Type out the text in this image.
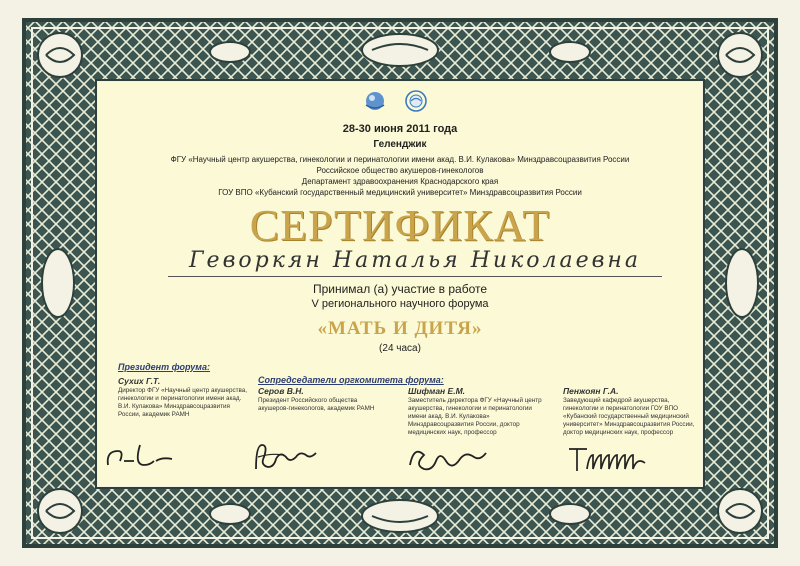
28-30 июня 2011 года
Геленджик
ФГУ «Научный центр акушерства, гинекологии и перинатологии имени акад. В.И. Кулакова» Минздравсоцразвития России
Российское общество акушеров-гинекологов
Департамент здравоохранения Краснодарского края
ГОУ ВПО «Кубанский государственный медицинский университет» Минздравсоцразвития России
СЕРТИФИКАТ
Геворкян Наталья Николаевна
Принимал (а) участие в работе
V регионального научного форума
«МАТЬ И ДИТЯ»
(24 часа)
Президент форума:
Сопредседатели оргкомитета форума:
Сухих Г.Т.
Директор ФГУ «Научный центр акушерства, гинекологии и перинатологии имени акад. В.И. Кулакова» Минздравсоцразвития России, академик РАМН
Серов В.Н.
Президент Российского общества акушеров-гинекологов, академик РАМН
Шифман Е.М.
Заместитель директора ФГУ «Научный центр акушерства, гинекологии и перинатологии имени акад. В.И. Кулакова» Минздравсоцразвития России, доктор медицинских наук, профессор
Пенжоян Г.А.
Заведующий кафедрой акушерства, гинекологии и перинатологии ГОУ ВПО «Кубанский государственный медицинский университет» Минздравсоцразвития России, доктор медицинских наук, профессор
